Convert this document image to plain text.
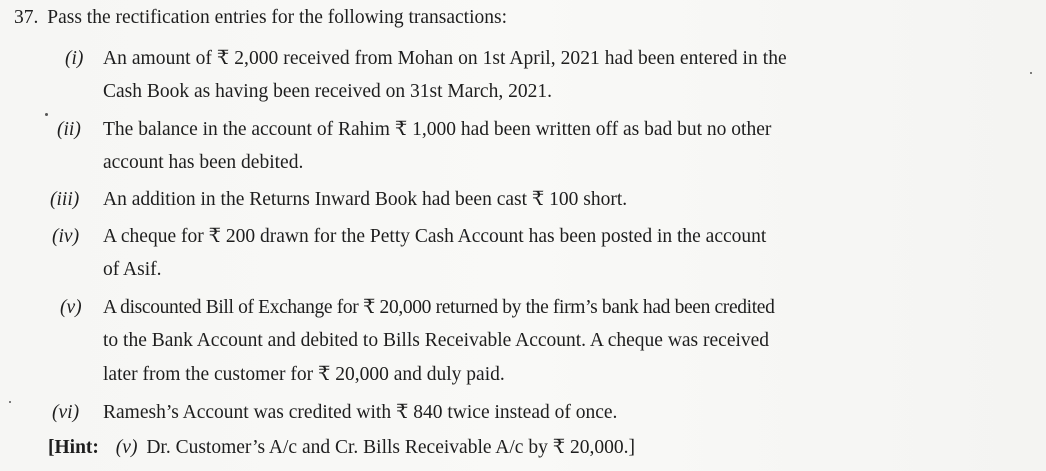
37. Pass the rectification entries for the following transactions:
(i) An amount of ₹ 2,000 received from Mohan on 1st April, 2021 had been entered in the
Cash Book as having been received on 31st March, 2021.
(ii) The balance in the account of Rahim ₹ 1,000 had been written off as bad but no other
account has been debited.
(iii) An addition in the Returns Inward Book had been cast ₹ 100 short.
(iv) A cheque for ₹ 200 drawn for the Petty Cash Account has been posted in the account
of Asif.
(v) A discounted Bill of Exchange for ₹ 20,000 returned by the firm’s bank had been credited
to the Bank Account and debited to Bills Receivable Account. A cheque was received
later from the customer for ₹ 20,000 and duly paid.
(vi) Ramesh’s Account was credited with ₹ 840 twice instead of once.
[Hint: (v) Dr. Customer’s A/c and Cr. Bills Receivable A/c by ₹ 20,000.]
